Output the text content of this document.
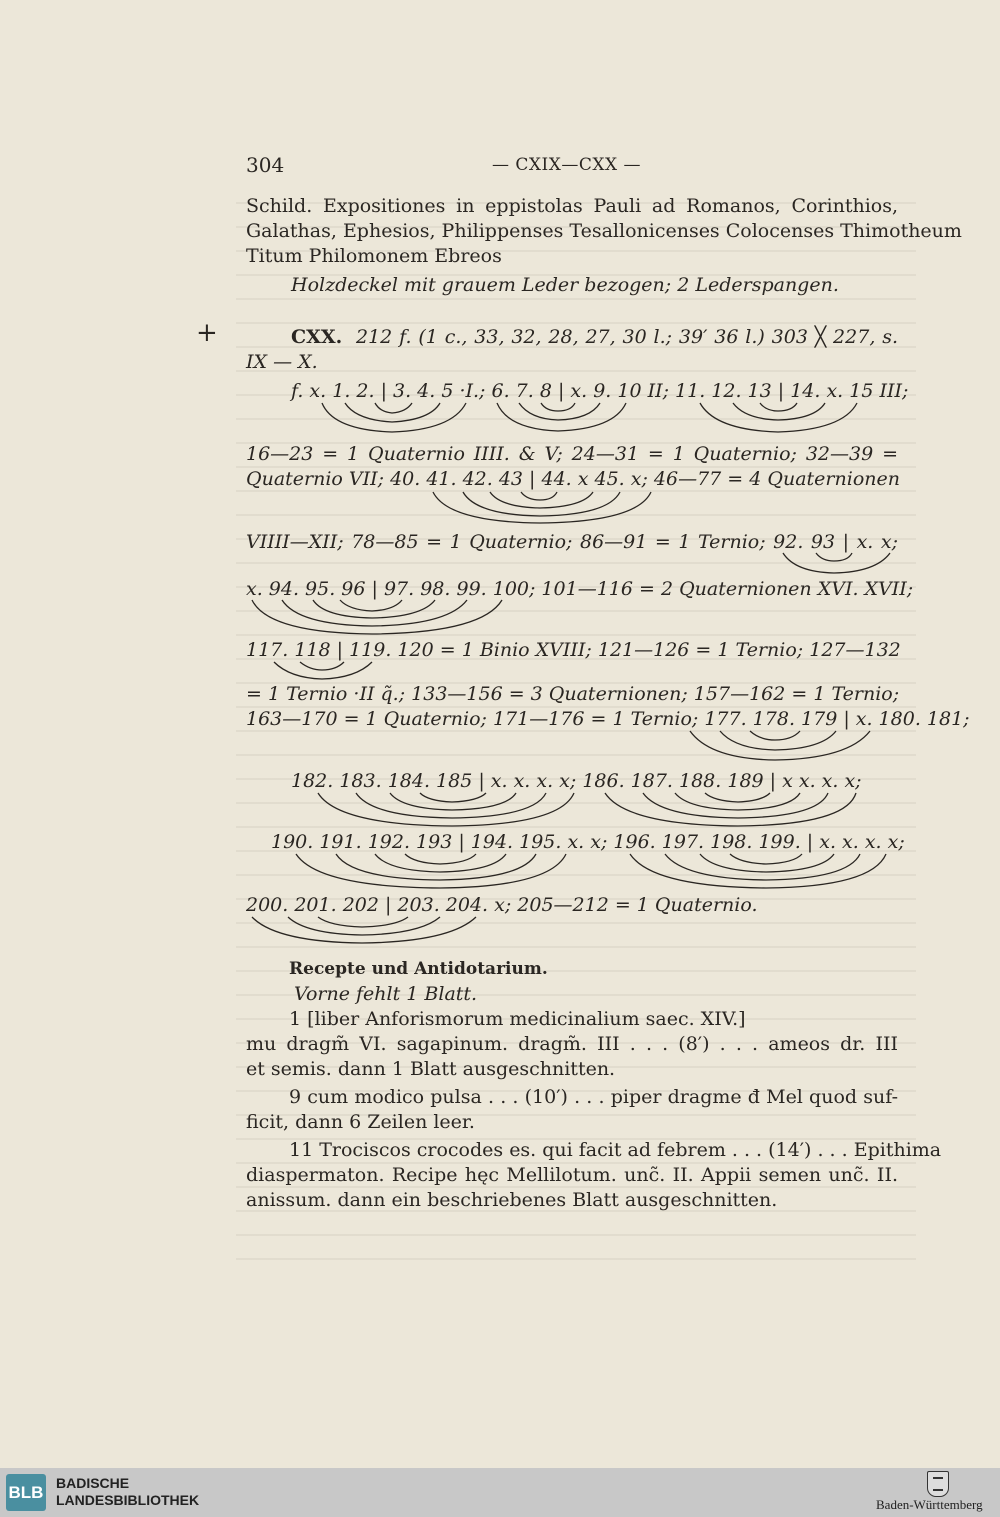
304	— CXIX—CXX —
Schild. Expositiones in eppistolas Pauli ad Romanos, Corinthios,
Galathas, Ephesios, Philippenses Tesallonicenses Colocenses Thimotheum
Titum Philomonem Ebreos
Holzdeckel mit grauem Leder bezogen; 2 Lederspangen.
+	CXX. 212 f. (1 c., 33, 32, 28, 27, 30 l.; 39′ 36 l.) 303 ╳ 227, s.
IX — X.
f. x. 1. 2. | 3. 4. 5 ·I.; 6. 7. 8 | x. 9. 10 II; 11. 12. 13 | 14. x. 15 III;
16—23 = 1 Quaternio IIII. & V; 24—31 = 1 Quaternio; 32—39 =
Quaternio VII; 40. 41. 42. 43 | 44. x 45. x; 46—77 = 4 Quaternionen
VIIII—XII; 78—85 = 1 Quaternio; 86—91 = 1 Ternio; 92. 93 | x. x;
x. 94. 95. 96 | 97. 98. 99. 100; 101—116 = 2 Quaternionen XVI. XVII;
117. 118 | 119. 120 = 1 Binio XVIII; 121—126 = 1 Ternio; 127—132
= 1 Ternio ·II q̃.; 133—156 = 3 Quaternionen; 157—162 = 1 Ternio;
163—170 = 1 Quaternio; 171—176 = 1 Ternio; 177. 178. 179 | x. 180. 181;
182. 183. 184. 185 | x. x. x. x; 186. 187. 188. 189 | x x. x. x;
190. 191. 192. 193 | 194. 195. x. x; 196. 197. 198. 199. | x. x. x. x;
200. 201. 202 | 203. 204. x; 205—212 = 1 Quaternio.
Recepte und Antidotarium.
Vorne fehlt 1 Blatt.
1 [liber Anforismorum medicinalium saec. XIV.]
mu dragm̃ VI. sagapinum. dragm̃. III . . . (8′) . . . ameos dr. III
et semis. dann 1 Blatt ausgeschnitten.
9 cum modico pulsa . . . (10′) . . . piper dragme đ Mel quod suf-
ficit, dann 6 Zeilen leer.
11 Trociscos crocodes es. qui facit ad febrem . . . (14′) . . . Epithima
diaspermaton. Recipe hęc Mellilotum. unc̃. II. Appii semen unc̃. II.
anissum. dann ein beschriebenes Blatt ausgeschnitten.
BLB BADISCHE
LANDESBIBLIOTHEK	Baden-Württemberg
